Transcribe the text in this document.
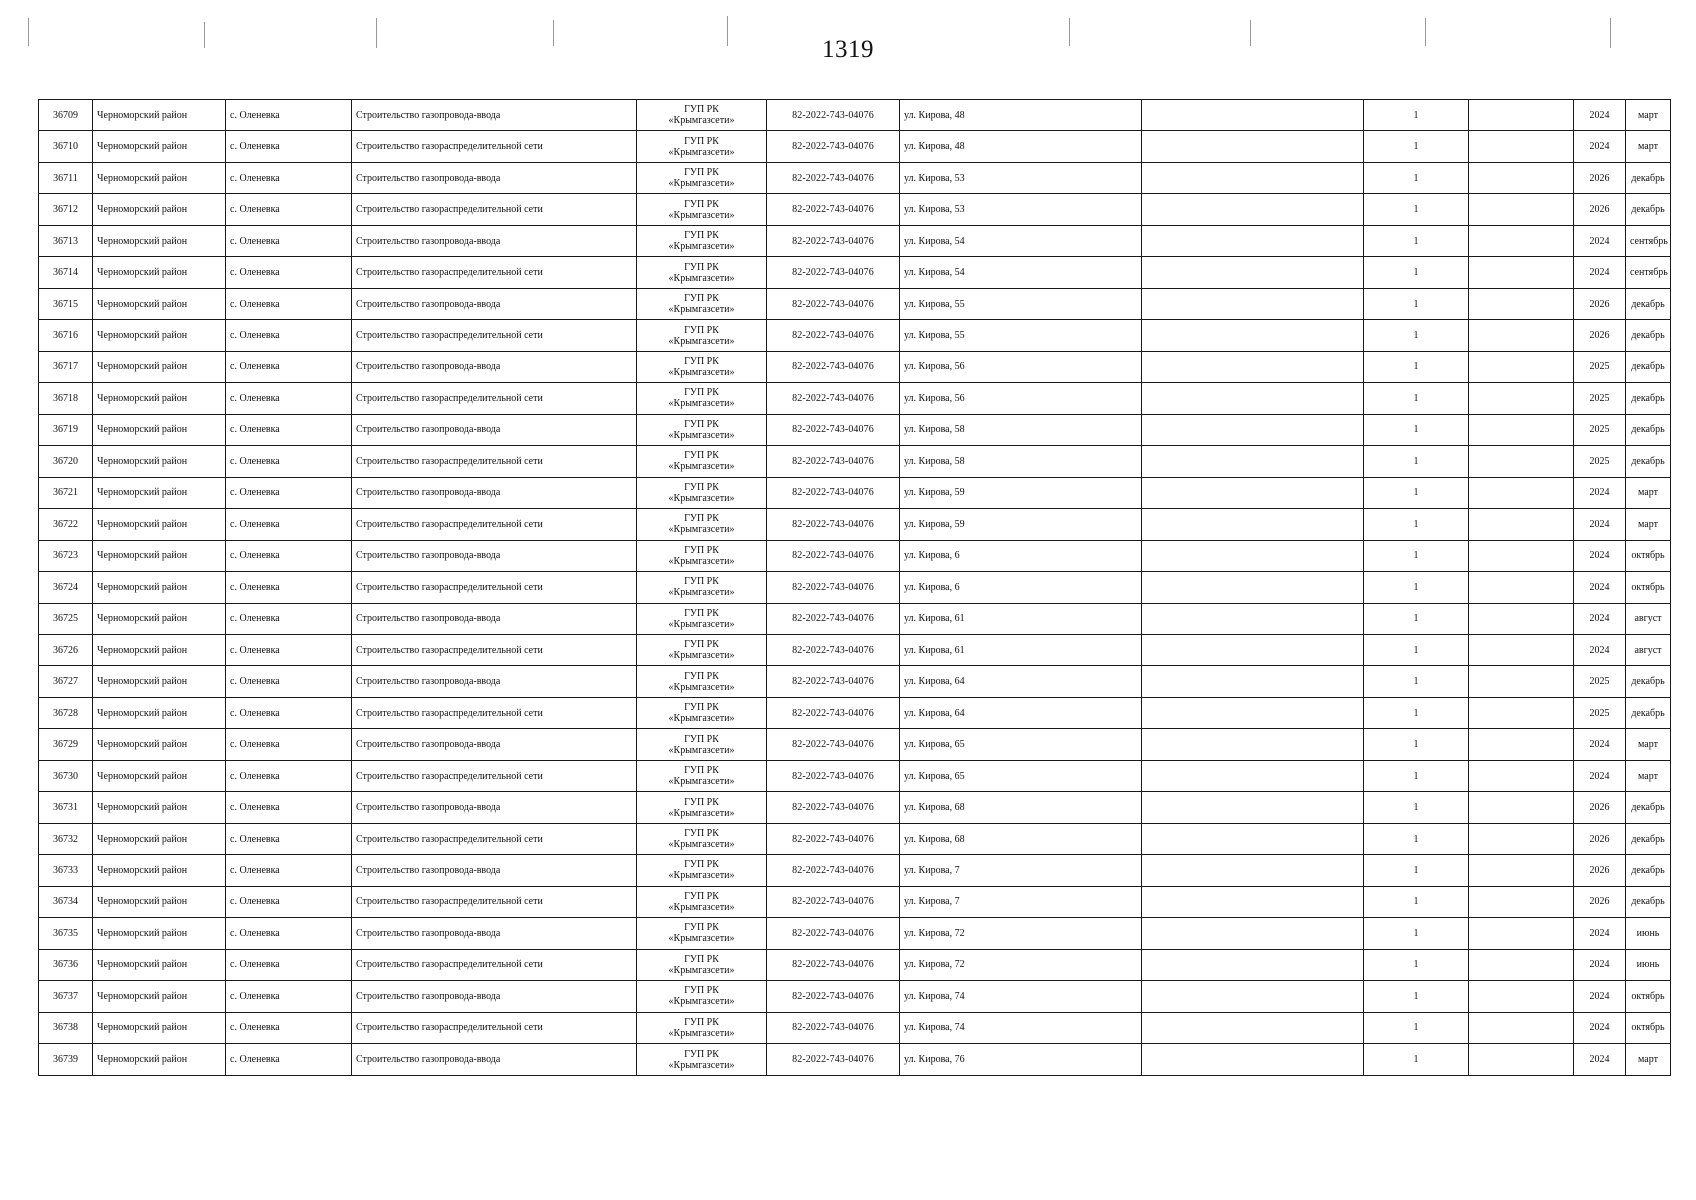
1319
36709	Черноморский район	с. Оленевка	Строительство газопровода-ввода	ГУП РК
«Крымгазсети»	82-2022-743-04076	ул. Кирова, 48		1		2024	март
36710	Черноморский район	с. Оленевка	Строительство газораспределительной сети	ГУП РК
«Крымгазсети»	82-2022-743-04076	ул. Кирова, 48		1		2024	март
36711	Черноморский район	с. Оленевка	Строительство газопровода-ввода	ГУП РК
«Крымгазсети»	82-2022-743-04076	ул. Кирова, 53		1		2026	декабрь
36712	Черноморский район	с. Оленевка	Строительство газораспределительной сети	ГУП РК
«Крымгазсети»	82-2022-743-04076	ул. Кирова, 53		1		2026	декабрь
36713	Черноморский район	с. Оленевка	Строительство газопровода-ввода	ГУП РК
«Крымгазсети»	82-2022-743-04076	ул. Кирова, 54		1		2024	сентябрь
36714	Черноморский район	с. Оленевка	Строительство газораспределительной сети	ГУП РК
«Крымгазсети»	82-2022-743-04076	ул. Кирова, 54		1		2024	сентябрь
36715	Черноморский район	с. Оленевка	Строительство газопровода-ввода	ГУП РК
«Крымгазсети»	82-2022-743-04076	ул. Кирова, 55		1		2026	декабрь
36716	Черноморский район	с. Оленевка	Строительство газораспределительной сети	ГУП РК
«Крымгазсети»	82-2022-743-04076	ул. Кирова, 55		1		2026	декабрь
36717	Черноморский район	с. Оленевка	Строительство газопровода-ввода	ГУП РК
«Крымгазсети»	82-2022-743-04076	ул. Кирова, 56		1		2025	декабрь
36718	Черноморский район	с. Оленевка	Строительство газораспределительной сети	ГУП РК
«Крымгазсети»	82-2022-743-04076	ул. Кирова, 56		1		2025	декабрь
36719	Черноморский район	с. Оленевка	Строительство газопровода-ввода	ГУП РК
«Крымгазсети»	82-2022-743-04076	ул. Кирова, 58		1		2025	декабрь
36720	Черноморский район	с. Оленевка	Строительство газораспределительной сети	ГУП РК
«Крымгазсети»	82-2022-743-04076	ул. Кирова, 58		1		2025	декабрь
36721	Черноморский район	с. Оленевка	Строительство газопровода-ввода	ГУП РК
«Крымгазсети»	82-2022-743-04076	ул. Кирова, 59		1		2024	март
36722	Черноморский район	с. Оленевка	Строительство газораспределительной сети	ГУП РК
«Крымгазсети»	82-2022-743-04076	ул. Кирова, 59		1		2024	март
36723	Черноморский район	с. Оленевка	Строительство газопровода-ввода	ГУП РК
«Крымгазсети»	82-2022-743-04076	ул. Кирова, 6		1		2024	октябрь
36724	Черноморский район	с. Оленевка	Строительство газораспределительной сети	ГУП РК
«Крымгазсети»	82-2022-743-04076	ул. Кирова, 6		1		2024	октябрь
36725	Черноморский район	с. Оленевка	Строительство газопровода-ввода	ГУП РК
«Крымгазсети»	82-2022-743-04076	ул. Кирова, 61		1		2024	август
36726	Черноморский район	с. Оленевка	Строительство газораспределительной сети	ГУП РК
«Крымгазсети»	82-2022-743-04076	ул. Кирова, 61		1		2024	август
36727	Черноморский район	с. Оленевка	Строительство газопровода-ввода	ГУП РК
«Крымгазсети»	82-2022-743-04076	ул. Кирова, 64		1		2025	декабрь
36728	Черноморский район	с. Оленевка	Строительство газораспределительной сети	ГУП РК
«Крымгазсети»	82-2022-743-04076	ул. Кирова, 64		1		2025	декабрь
36729	Черноморский район	с. Оленевка	Строительство газопровода-ввода	ГУП РК
«Крымгазсети»	82-2022-743-04076	ул. Кирова, 65		1		2024	март
36730	Черноморский район	с. Оленевка	Строительство газораспределительной сети	ГУП РК
«Крымгазсети»	82-2022-743-04076	ул. Кирова, 65		1		2024	март
36731	Черноморский район	с. Оленевка	Строительство газопровода-ввода	ГУП РК
«Крымгазсети»	82-2022-743-04076	ул. Кирова, 68		1		2026	декабрь
36732	Черноморский район	с. Оленевка	Строительство газораспределительной сети	ГУП РК
«Крымгазсети»	82-2022-743-04076	ул. Кирова, 68		1		2026	декабрь
36733	Черноморский район	с. Оленевка	Строительство газопровода-ввода	ГУП РК
«Крымгазсети»	82-2022-743-04076	ул. Кирова, 7		1		2026	декабрь
36734	Черноморский район	с. Оленевка	Строительство газораспределительной сети	ГУП РК
«Крымгазсети»	82-2022-743-04076	ул. Кирова, 7		1		2026	декабрь
36735	Черноморский район	с. Оленевка	Строительство газопровода-ввода	ГУП РК
«Крымгазсети»	82-2022-743-04076	ул. Кирова, 72		1		2024	июнь
36736	Черноморский район	с. Оленевка	Строительство газораспределительной сети	ГУП РК
«Крымгазсети»	82-2022-743-04076	ул. Кирова, 72		1		2024	июнь
36737	Черноморский район	с. Оленевка	Строительство газопровода-ввода	ГУП РК
«Крымгазсети»	82-2022-743-04076	ул. Кирова, 74		1		2024	октябрь
36738	Черноморский район	с. Оленевка	Строительство газораспределительной сети	ГУП РК
«Крымгазсети»	82-2022-743-04076	ул. Кирова, 74		1		2024	октябрь
36739	Черноморский район	с. Оленевка	Строительство газопровода-ввода	ГУП РК
«Крымгазсети»	82-2022-743-04076	ул. Кирова, 76		1		2024	март
